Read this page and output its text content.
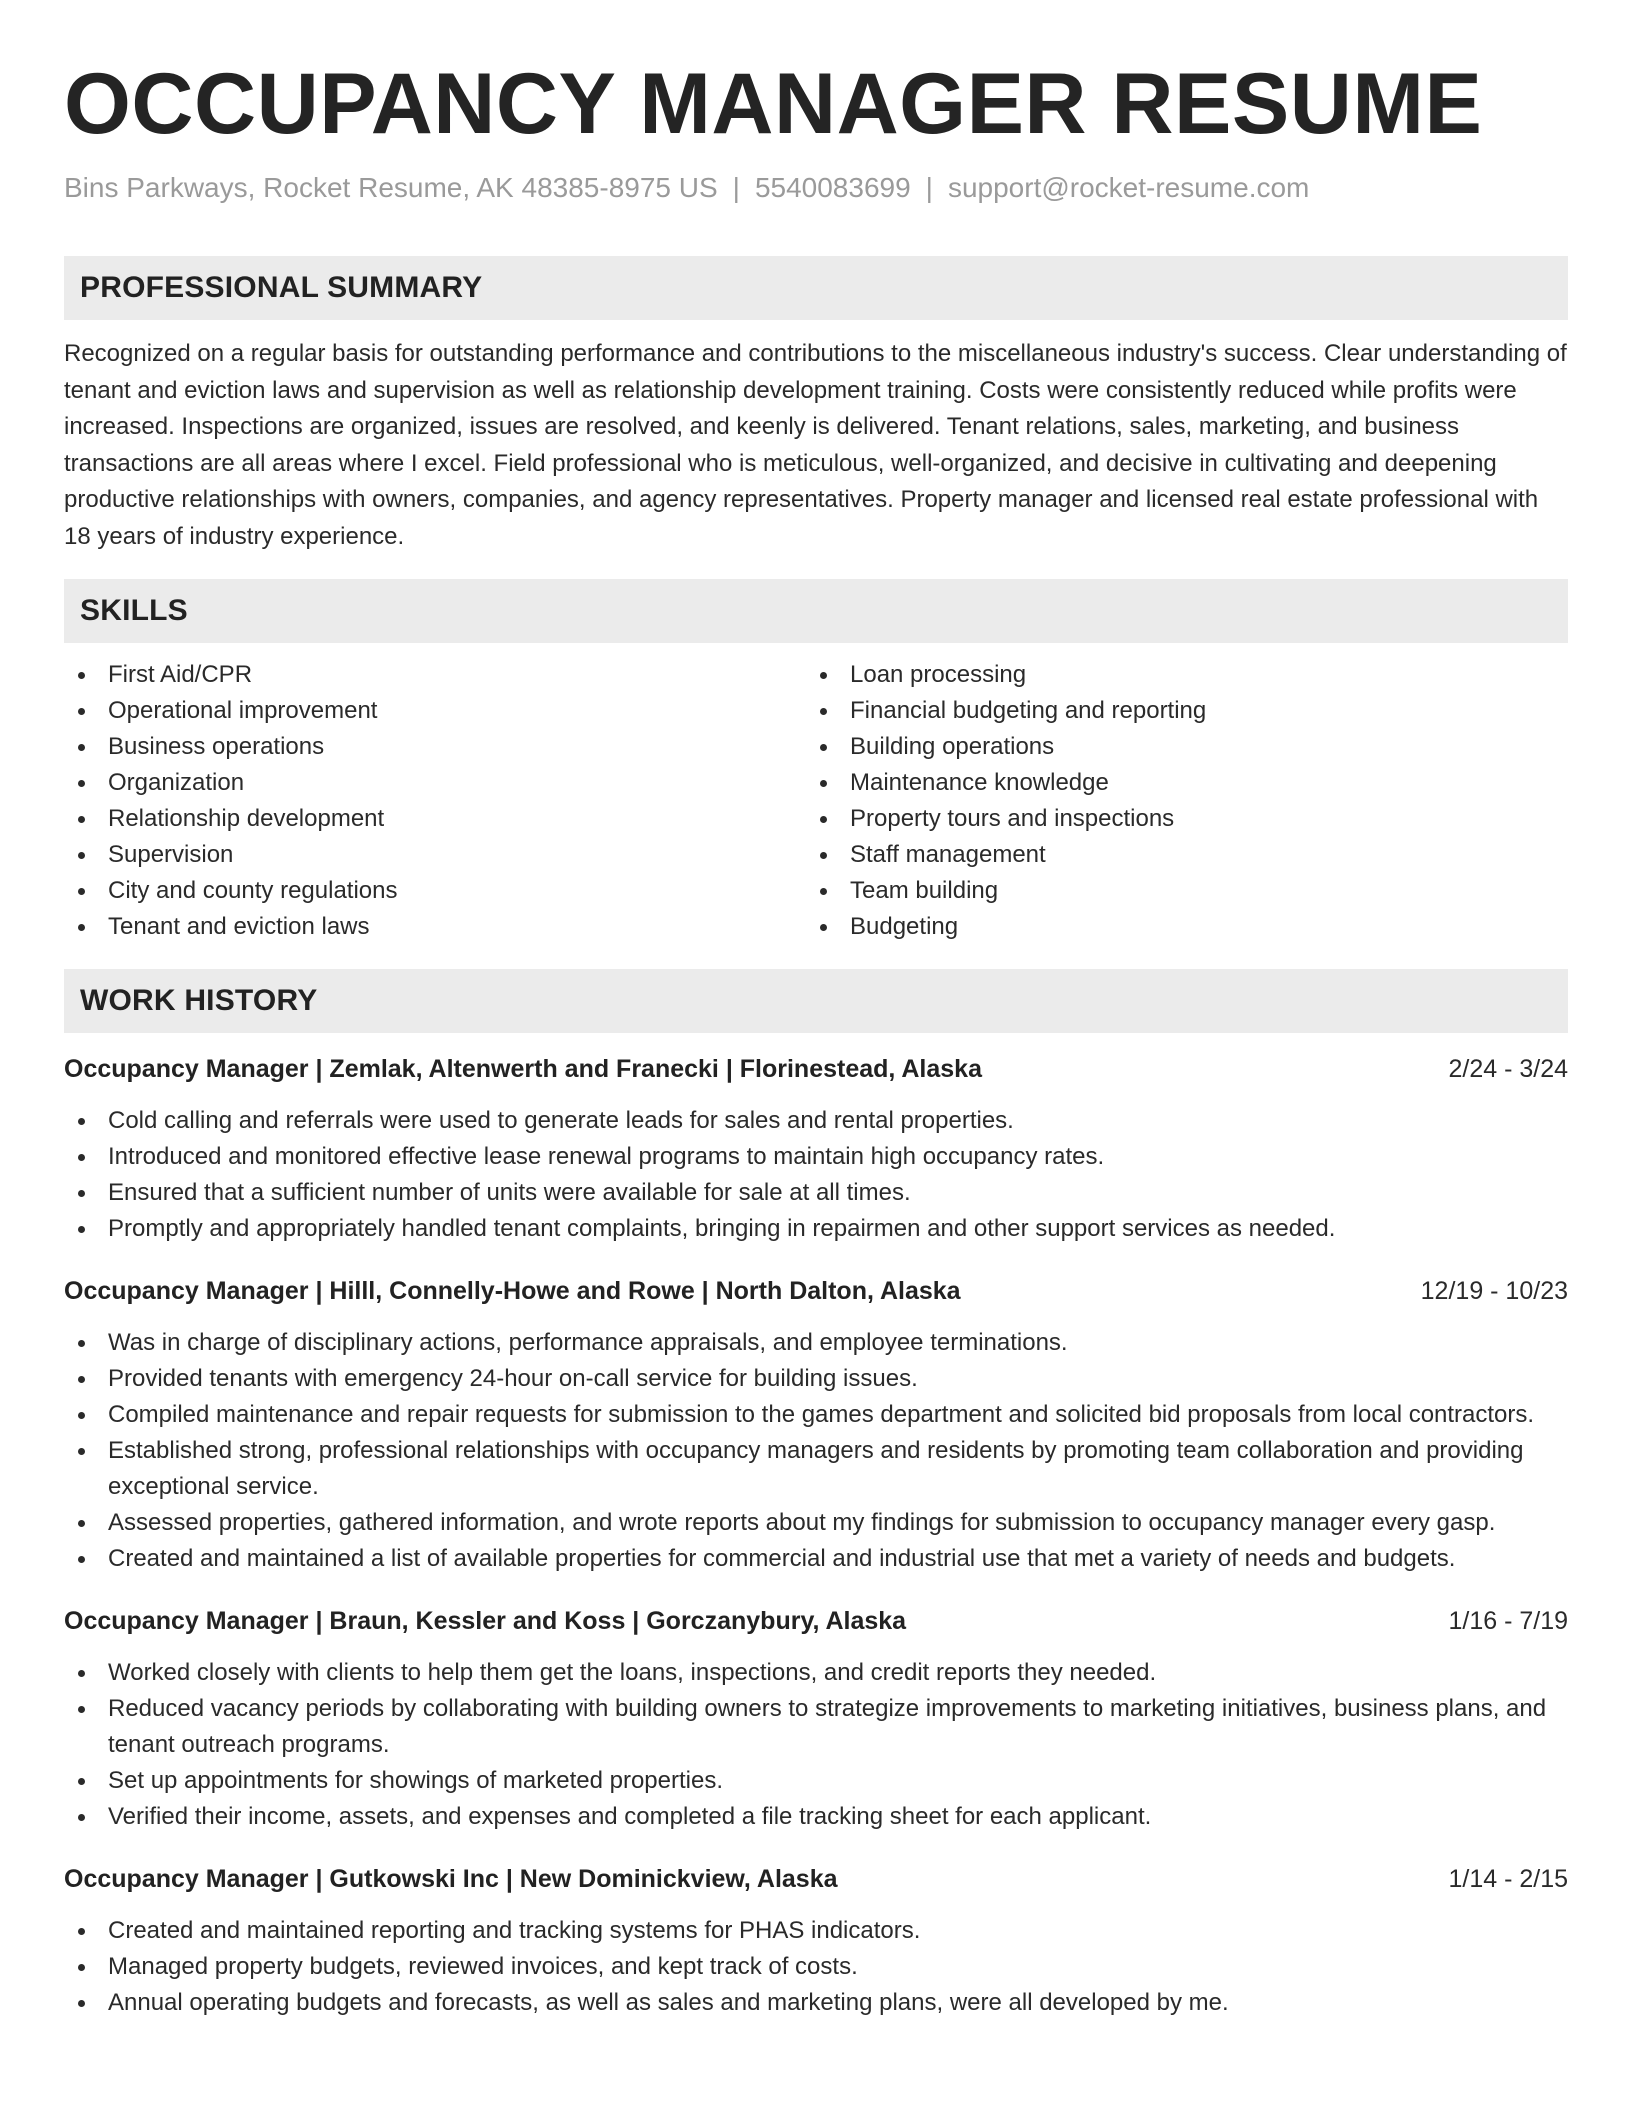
OCCUPANCY MANAGER RESUME
Bins Parkways, Rocket Resume, AK 48385-8975 US | 5540083699 | support@rocket-resume.com
PROFESSIONAL SUMMARY

Recognized on a regular basis for outstanding performance and contributions to the miscellaneous industry's success. Clear understanding of tenant and eviction laws and supervision as well as relationship development training. Costs were consistently reduced while profits were increased. Inspections are organized, issues are resolved, and keenly is delivered. Tenant relations, sales, marketing, and business transactions are all areas where I excel. Field professional who is meticulous, well-organized, and decisive in cultivating and deepening productive relationships with owners, companies, and agency representatives. Property manager and licensed real estate professional with 18 years of industry experience.

SKILLS
First Aid/CPR
Operational improvement
Business operations
Organization
Relationship development
Supervision
City and county regulations
Tenant and eviction laws
Loan processing
Financial budgeting and reporting
Building operations
Maintenance knowledge
Property tours and inspections
Staff management
Team building
Budgeting
WORK HISTORY
Occupancy Manager | Zemlak, Altenwerth and Franecki | Florinestead, Alaska	2/24 - 3/24
Cold calling and referrals were used to generate leads for sales and rental properties.
Introduced and monitored effective lease renewal programs to maintain high occupancy rates.
Ensured that a sufficient number of units were available for sale at all times.
Promptly and appropriately handled tenant complaints, bringing in repairmen and other support services as needed.
Occupancy Manager | Hilll, Connelly-Howe and Rowe | North Dalton, Alaska	12/19 - 10/23
Was in charge of disciplinary actions, performance appraisals, and employee terminations.
Provided tenants with emergency 24-hour on-call service for building issues.
Compiled maintenance and repair requests for submission to the games department and solicited bid proposals from local contractors.
Established strong, professional relationships with occupancy managers and residents by promoting team collaboration and providing exceptional service.
Assessed properties, gathered information, and wrote reports about my findings for submission to occupancy manager every gasp.
Created and maintained a list of available properties for commercial and industrial use that met a variety of needs and budgets.
Occupancy Manager | Braun, Kessler and Koss | Gorczanybury, Alaska	1/16 - 7/19
Worked closely with clients to help them get the loans, inspections, and credit reports they needed.
Reduced vacancy periods by collaborating with building owners to strategize improvements to marketing initiatives, business plans, and tenant outreach programs.
Set up appointments for showings of marketed properties.
Verified their income, assets, and expenses and completed a file tracking sheet for each applicant.
Occupancy Manager | Gutkowski Inc | New Dominickview, Alaska	1/14 - 2/15
Created and maintained reporting and tracking systems for PHAS indicators.
Managed property budgets, reviewed invoices, and kept track of costs.
Annual operating budgets and forecasts, as well as sales and marketing plans, were all developed by me.
